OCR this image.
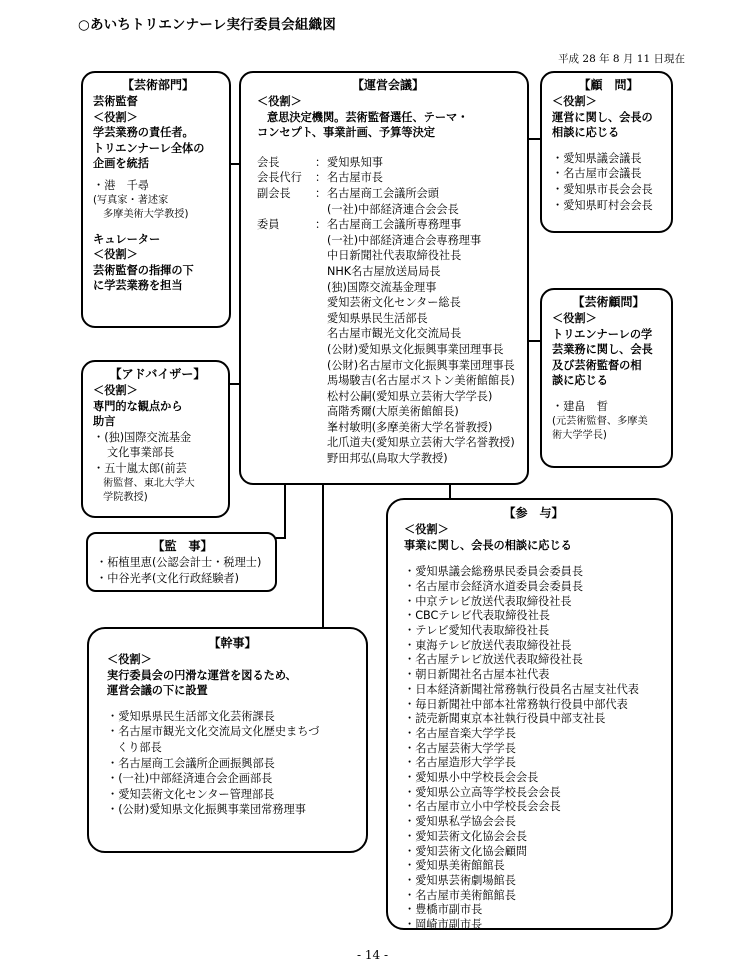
○あいちトリエンナーレ実行委員会組織図
平成 28 年 8 月 11 日現在
【芸術部門】
芸術監督
＜役割＞
学芸業務の責任者。
トリエンナーレ全体の
企画を統括
・港　千尋
(写真家・著述家
多摩美術大学教授)
キュレーター
＜役割＞
芸術監督の指揮の下
に学芸業務を担当
【運営会議】
＜役割＞
意思決定機関。芸術監督選任、テーマ・
コンセプト、事業計画、予算等決定
会長	： 愛知県知事
会長代行	： 名古屋市長
副会長	： 名古屋商工会議所会頭
(一社)中部経済連合会会長
委員	： 名古屋商工会議所専務理事
(一社)中部経済連合会専務理事
中日新聞社代表取締役社長
NHK名古屋放送局局長
(独)国際交流基金理事
愛知芸術文化センター総長
愛知県県民生活部長
名古屋市観光文化交流局長
(公財)愛知県文化振興事業団理事長
(公財)名古屋市文化振興事業団理事長
馬場駿吉(名古屋ボストン美術館館長)
松村公嗣(愛知県立芸術大学学長)
高階秀爾(大原美術館館長)
峯村敏明(多摩美術大学名誉教授)
北爪道夫(愛知県立芸術大学名誉教授)
野田邦弘(鳥取大学教授)
【顧　問】
＜役割＞
運営に関し、会長の
相談に応じる
・愛知県議会議長
・名古屋市会議長
・愛知県市長会会長
・愛知県町村会会長
【芸術顧問】
＜役割＞
トリエンナーレの学
芸業務に関し、会長
及び芸術監督の相
談に応じる
・建畠　晢
(元芸術監督、多摩美
術大学学長)
【アドバイザー】
＜役割＞
専門的な観点から
助言
・(独)国際交流基金
文化事業部長
・五十嵐太郎(前芸
術監督、東北大学大
学院教授)
【監　事】
・柘植里恵(公認会計士・税理士)
・中谷光孝(文化行政経験者)
【幹事】
＜役割＞
実行委員会の円滑な運営を図るため、
運営会議の下に設置
・愛知県県民生活部文化芸術課長
・名古屋市観光文化交流局文化歴史まちづ
くり部長
・名古屋商工会議所企画振興部長
・(一社)中部経済連合会企画部長
・愛知芸術文化センター管理部長
・(公財)愛知県文化振興事業団常務理事
【参　与】
＜役割＞
事業に関し、会長の相談に応じる
・愛知県議会総務県民委員会委員長
・名古屋市会経済水道委員会委員長
・中京テレビ放送代表取締役社長
・CBCテレビ代表取締役社長
・テレビ愛知代表取締役社長
・東海テレビ放送代表取締役社長
・名古屋テレビ放送代表取締役社長
・朝日新聞社名古屋本社代表
・日本経済新聞社常務執行役員名古屋支社代表
・毎日新聞社中部本社常務執行役員中部代表
・読売新聞東京本社執行役員中部支社長
・名古屋音楽大学学長
・名古屋芸術大学学長
・名古屋造形大学学長
・愛知県小中学校長会会長
・愛知県公立高等学校長会会長
・名古屋市立小中学校長会会長
・愛知県私学協会会長
・愛知芸術文化協会会長
・愛知芸術文化協会顧問
・愛知県美術館館長
・愛知県芸術劇場館長
・名古屋市美術館館長
・豊橋市副市長
・岡崎市副市長
- 14 -
